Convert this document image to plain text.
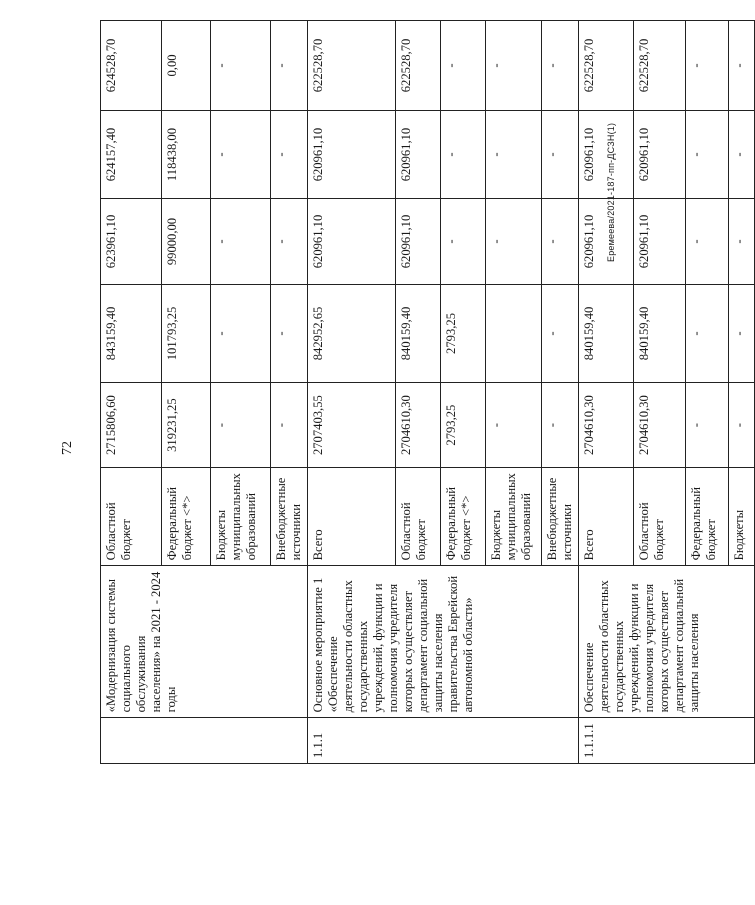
72
Еремеева/2021-187-пп-ДСЗН(1)
	«Модернизация системы социального обслуживания населения» на 2021 - 2024 годы	Областной бюджет	2715806,60	843159,40	623961,10	624157,40	624528,70
		Федеральный бюджет <*>	319231,25	101793,25	99000,00	118438,00	0,00
		Бюджеты муниципальных образований	-	-	-	-	-
		Внебюджетные источники	-	-	-	-	-
1.1.1	Основное мероприятие 1 «Обеспечение деятельности областных государственных учреждений, функции и полномочия учредителя которых осуществляет департамент социальной защиты населения правительства Еврейской автономной области»	Всего	2707403,55	842952,65	620961,10	620961,10	622528,70
		Областной бюджет	2704610,30	840159,40	620961,10	620961,10	622528,70
		Федеральный бюджет <*>	2793,25	2793,25	-	-	-
		Бюджеты муниципальных образований	-		-	-	-
		Внебюджетные источники	-	-	-	-	-
1.1.1.1	Обеспечение деятельности областных государственных учреждений, функции и полномочия учредителя которых осуществляет департамент социальной защиты населения	Всего	2704610,30	840159,40	620961,10	620961,10	622528,70
		Областной бюджет	2704610,30	840159,40	620961,10	620961,10	622528,70
		Федеральный бюджет	-	-	-	-	-
		Бюджеты	-	-	-	-	-
